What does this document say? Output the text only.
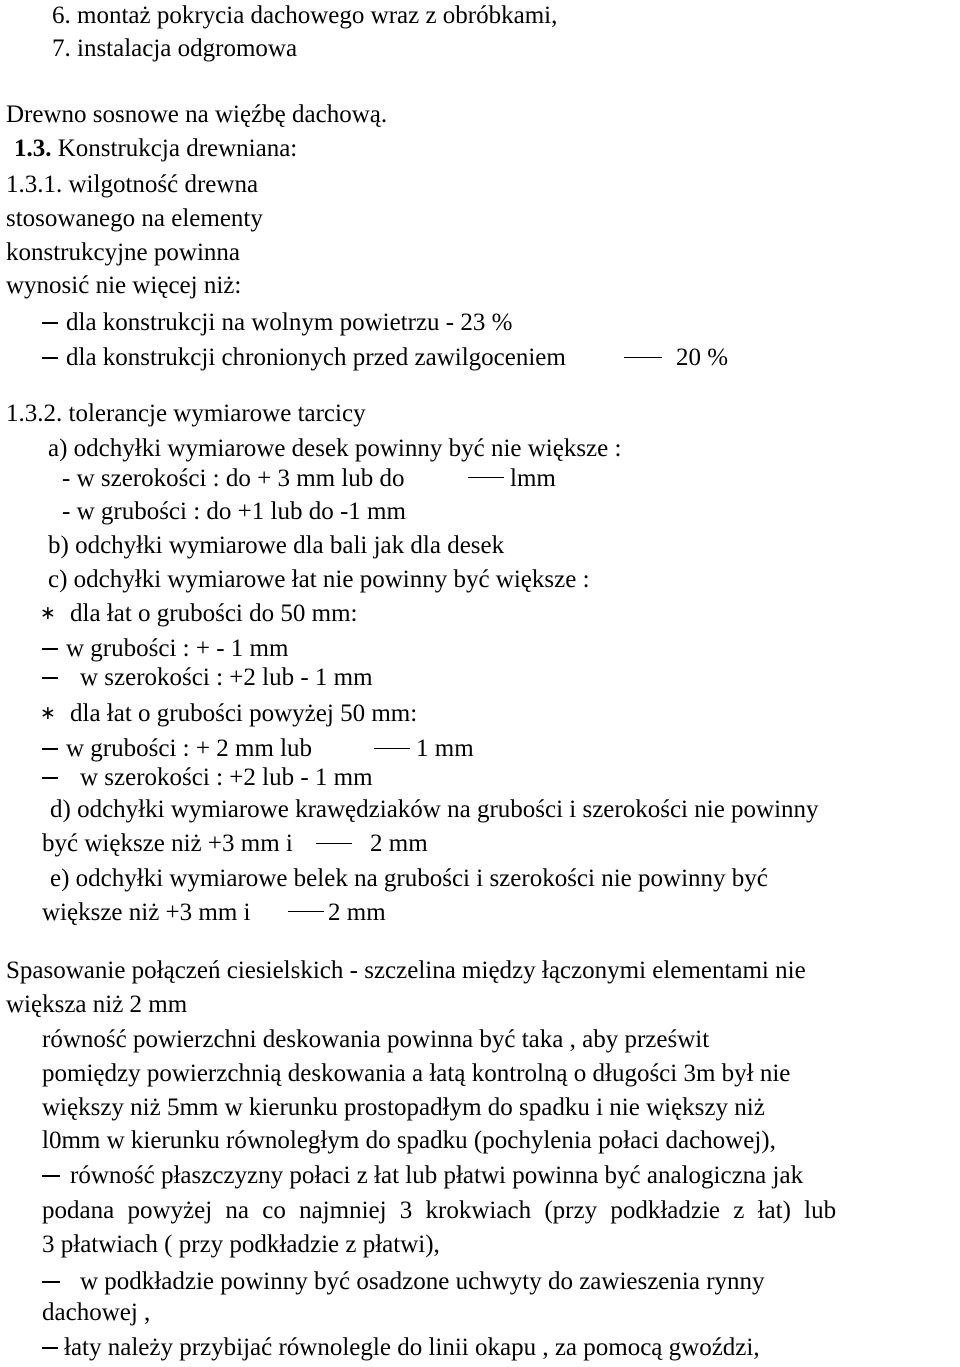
6. montaż pokrycia dachowego wraz z obróbkami,

7. instalacja odgromowa

Drewno sosnowe na więźbę dachową.

1.3. Konstrukcja drewniana:

1.3.1. wilgotność drewna

stosowanego na elementy

konstrukcyjne powinna

wynosić nie więcej niż:

dla konstrukcji na wolnym powietrzu - 23 %

dla konstrukcji chronionych przed zawilgoceniem	20 %

1.3.2. tolerancje wymiarowe tarcicy

a) odchyłki wymiarowe desek powinny być nie większe :

- w szerokości : do + 3 mm lub do	lmm

- w grubości : do +1 lub do -1 mm

b) odchyłki wymiarowe dla bali jak dla desek

c) odchyłki wymiarowe łat nie powinny być większe :

∗ dla łat o grubości do 50 mm:

w grubości : + - 1 mm

w szerokości : +2 lub - 1 mm

∗ dla łat o grubości powyżej 50 mm:

w grubości : + 2 mm lub	1 mm

w szerokości : +2 lub - 1 mm

d) odchyłki wymiarowe krawędziaków na grubości i szerokości nie powinny

być większe niż +3 mm i	2 mm

e) odchyłki wymiarowe belek na grubości i szerokości nie powinny być

większe niż +3 mm i	2 mm

Spasowanie połączeń ciesielskich - szczelina między łączonymi elementami nie

większa niż 2 mm

równość powierzchni deskowania powinna być taka , aby prześwit

pomiędzy powierzchnią deskowania a łatą kontrolną o długości 3m był nie

większy niż 5mm w kierunku prostopadłym do spadku i nie większy niż

l0mm w kierunku równoległym do spadku (pochylenia połaci dachowej),

równość płaszczyzny połaci z łat lub płatwi powinna być analogiczna jak

podana powyżej na co najmniej 3 krokwiach (przy podkładzie z łat) lub

3 płatwiach ( przy podkładzie z płatwi),

w podkładzie powinny być osadzone uchwyty do zawieszenia rynny

dachowej ,

łaty należy przybijać równolegle do linii okapu , za pomocą gwoździ,
